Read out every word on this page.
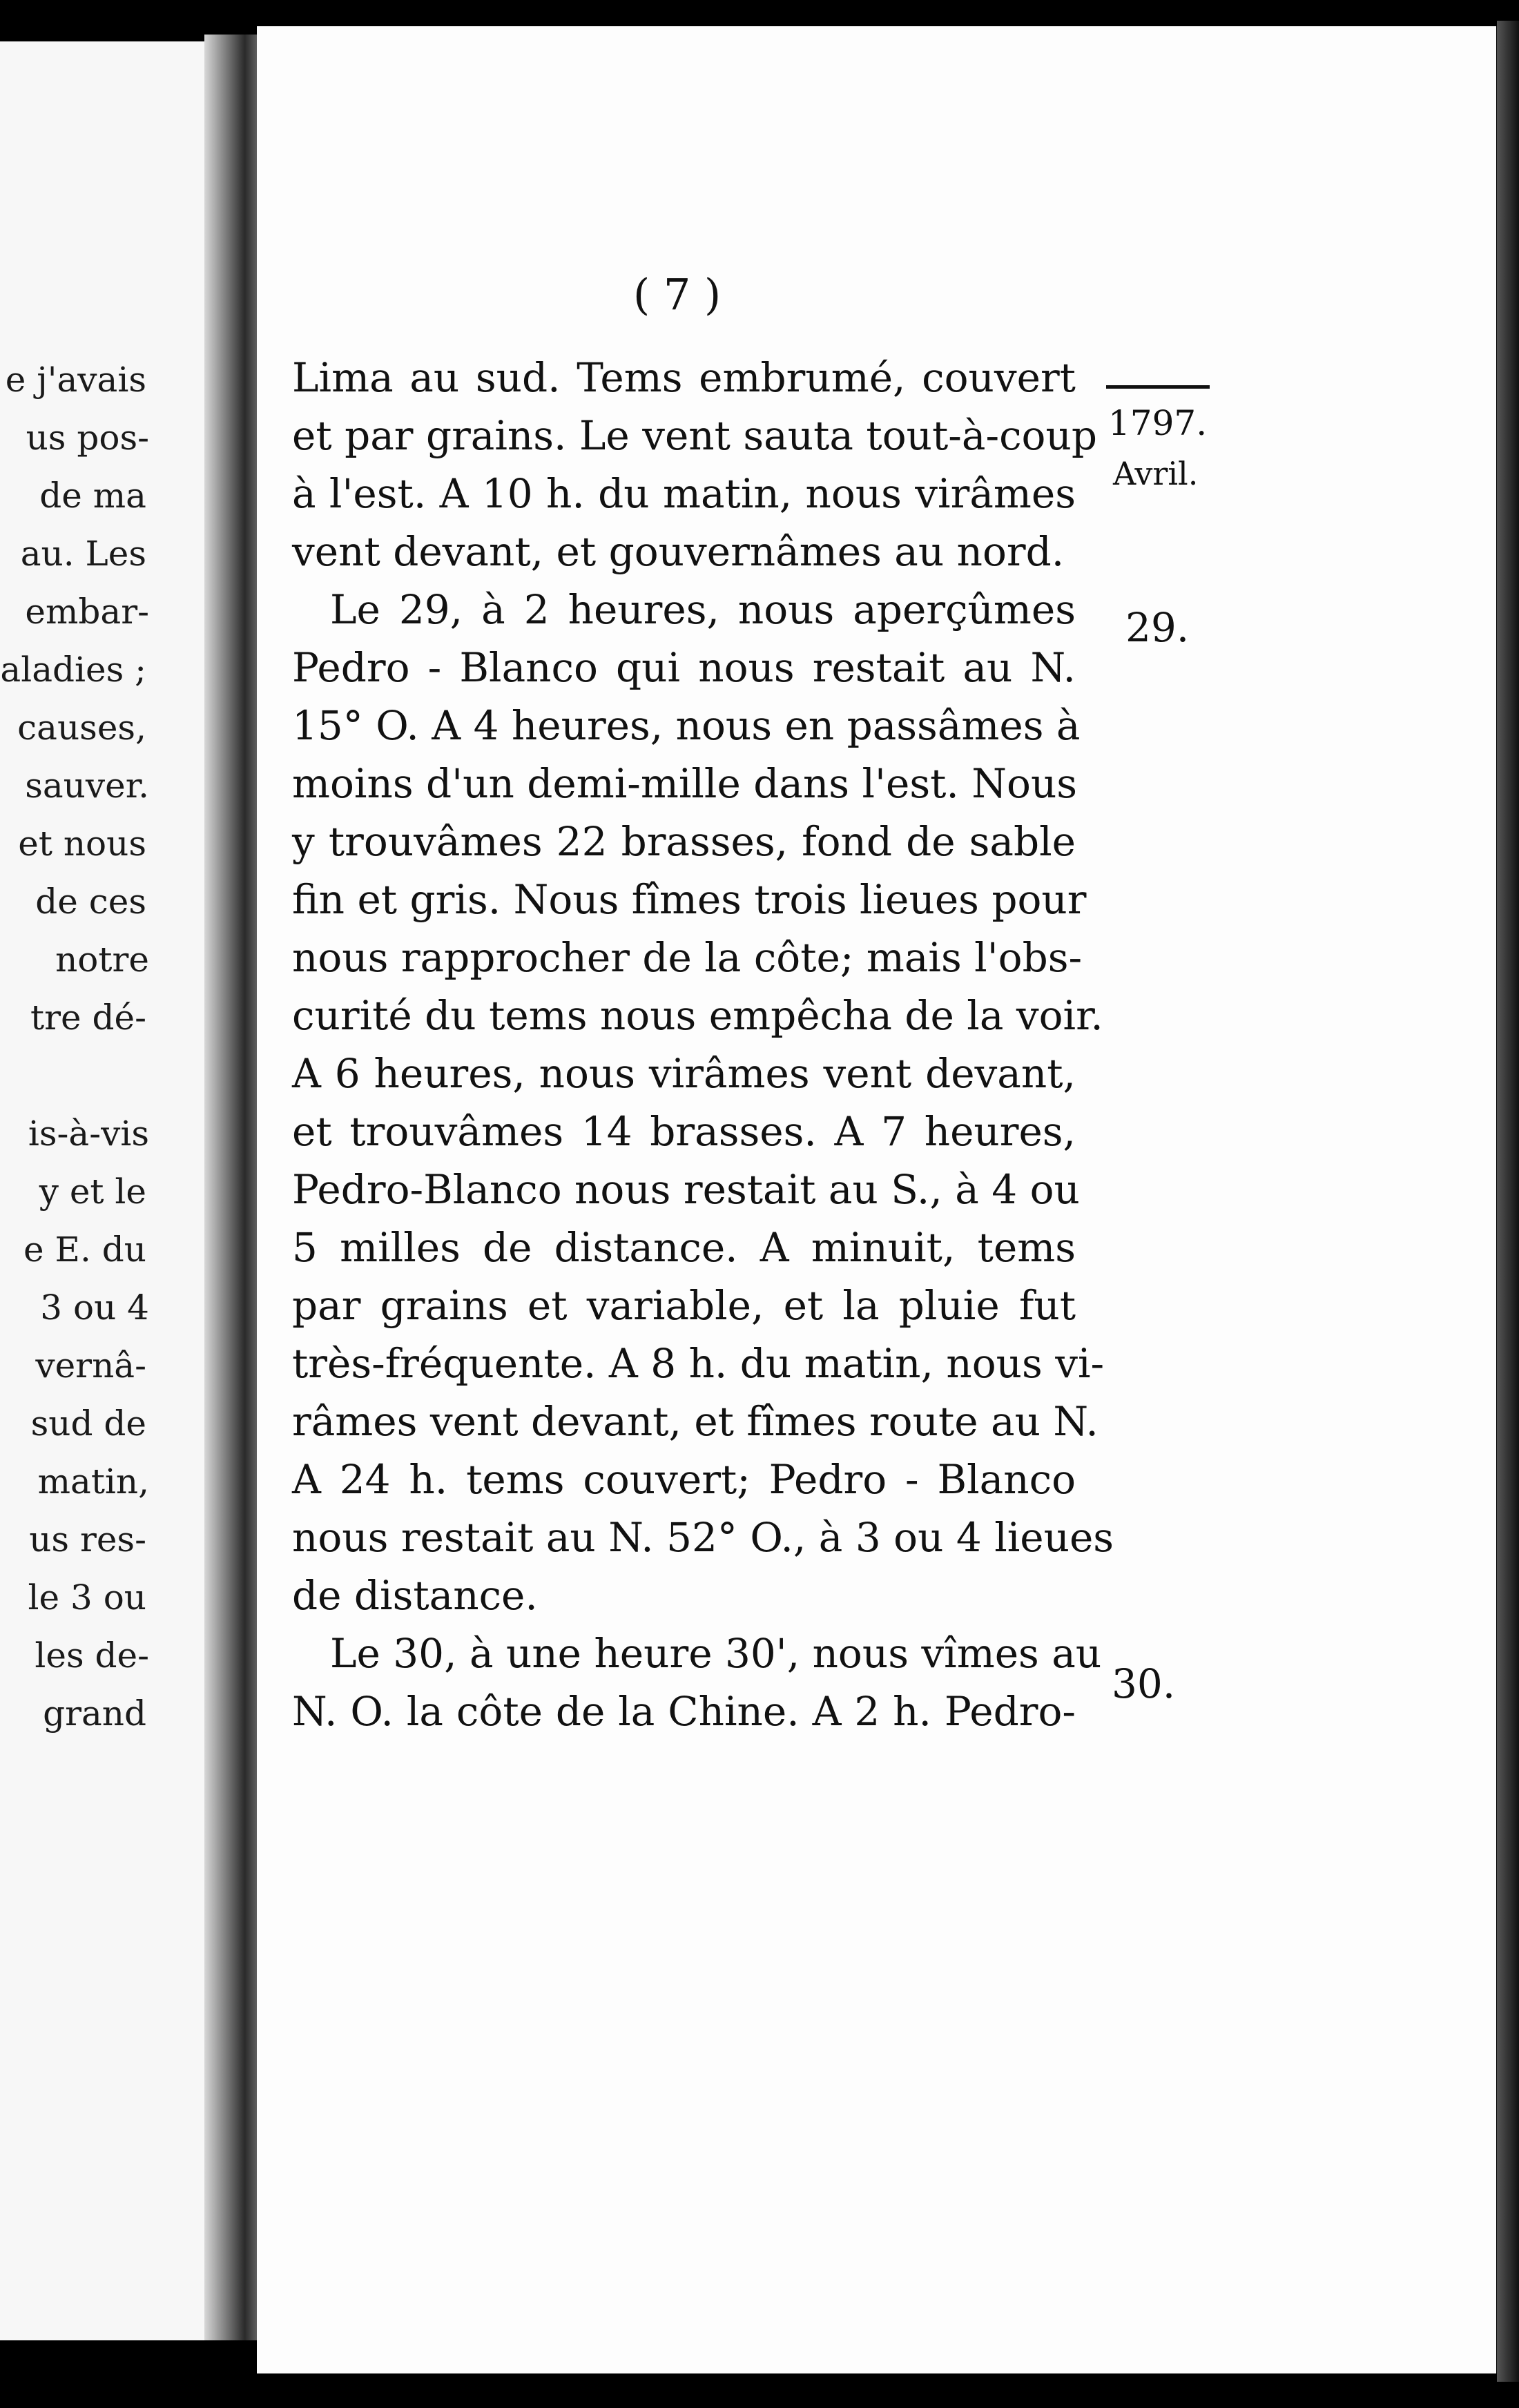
e j'avais
us pos-
de ma
au. Les
embar-
aladies ;
causes,
sauver.
et nous
de ces
notre
tre dé-
is-à-vis
y et le
e E. du
3 ou 4
vernâ-
sud de
matin,
us res-
le 3 ou
les de-
grand
( 7 )
Lima au sud. Tems embrumé, couvert
et par grains. Le vent sauta tout-à-coup
à l'est. A 10 h. du matin, nous virâmes
vent devant, et gouvernâmes au nord.
Le 29, à 2 heures, nous aperçûmes
Pedro - Blanco qui nous restait au N.
15° O. A 4 heures, nous en passâmes à
moins d'un demi-mille dans l'est. Nous
y trouvâmes 22 brasses, fond de sable
fin et gris. Nous fîmes trois lieues pour
nous rapprocher de la côte; mais l'obs-
curité du tems nous empêcha de la voir.
A 6 heures, nous virâmes vent devant,
et trouvâmes 14 brasses. A 7 heures,
Pedro-Blanco nous restait au S., à 4 ou
5 milles de distance. A minuit, tems
par grains et variable, et la pluie fut
très-fréquente. A 8 h. du matin, nous vi-
râmes vent devant, et fîmes route au N.
A 24 h. tems couvert; Pedro - Blanco
nous restait au N. 52° O., à 3 ou 4 lieues
de distance.
Le 30, à une heure 30', nous vîmes au
N. O. la côte de la Chine. A 2 h. Pedro-
1797.
Avril.
29.
30.
